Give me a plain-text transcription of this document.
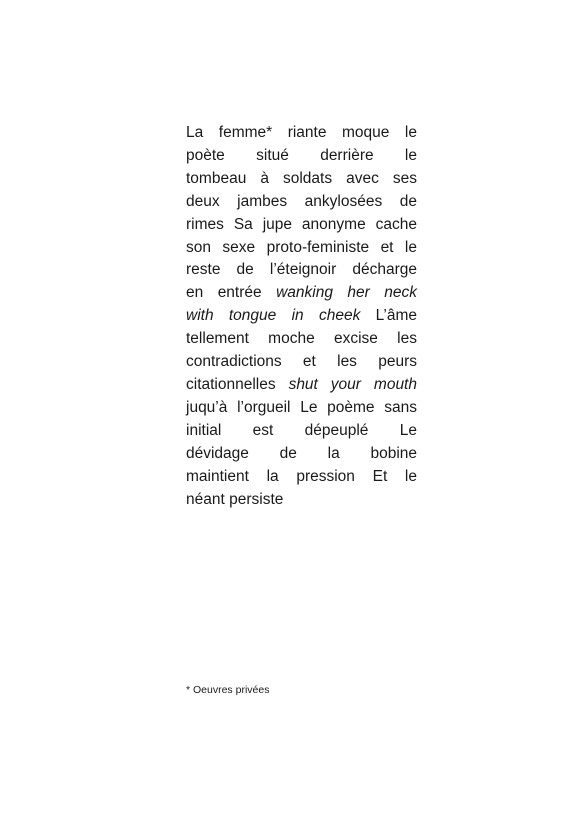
La femme* riante moque le
poète situé derrière le
tombeau à soldats avec ses
deux jambes ankylosées de
rimes Sa jupe anonyme cache
son sexe proto-feministe et le
reste de l’éteignoir décharge
en entrée wanking her neck
with tongue in cheek L’âme
tellement moche excise les
contradictions et les peurs
citationnelles shut your mouth
juqu’à l’orgueil Le poème sans
initial est dépeuplé Le
dévidage de la bobine
maintient la pression Et le
néant persiste

* Oeuvres privées
